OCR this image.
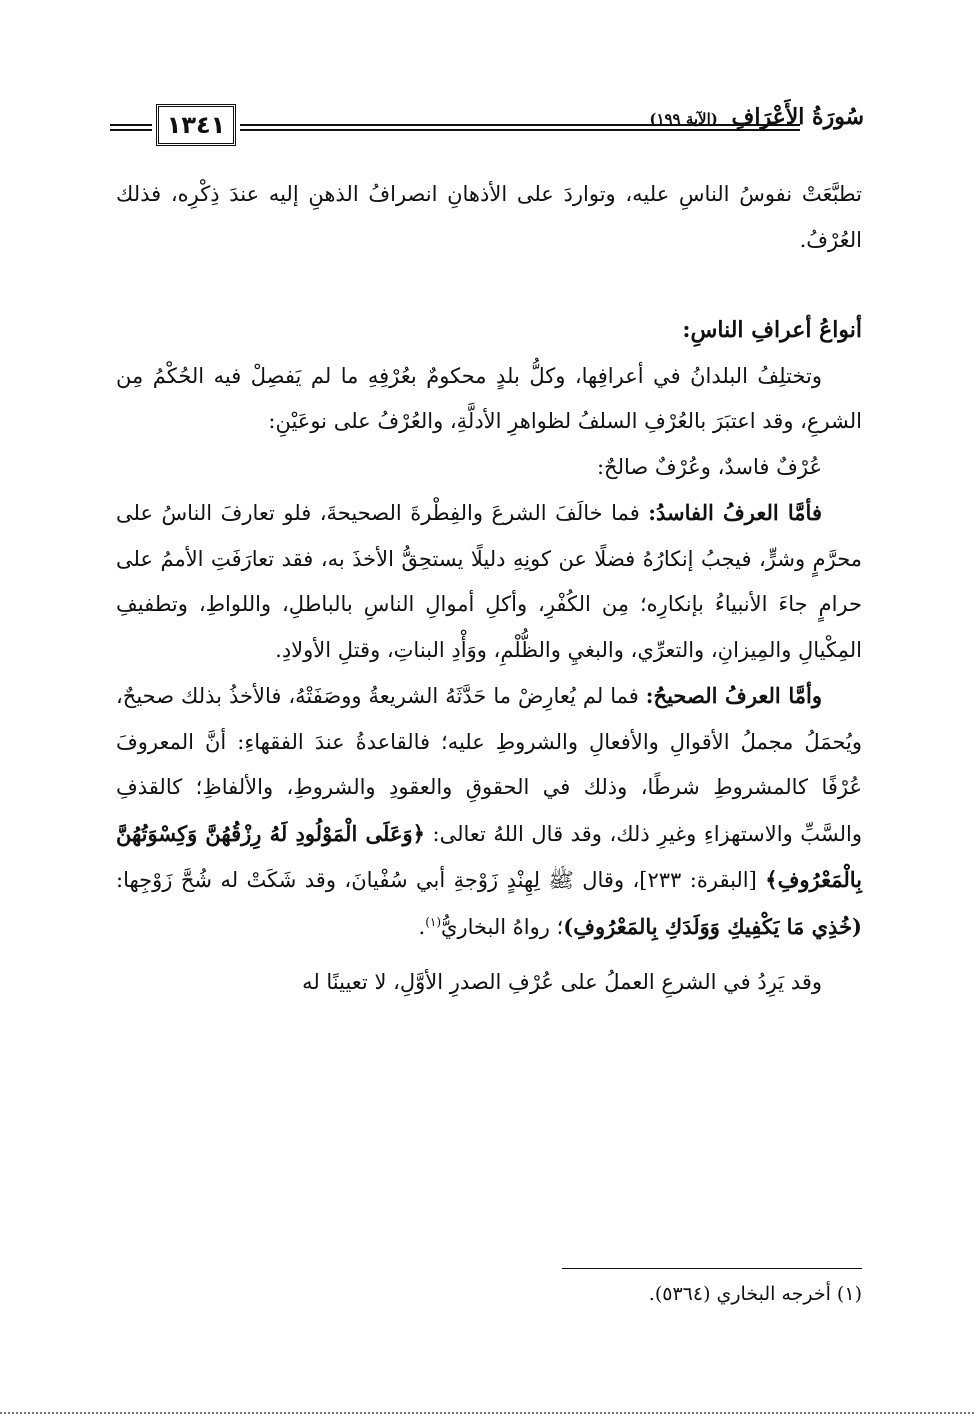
١٣٤١	سُورَةُ الأَعْرَافِ (الآية ١٩٩)

تطبَّعَتْ نفوسُ الناسِ عليه، وتواردَ على الأذهانِ انصرافُ الذهنِ إليه عندَ ذِكْرِه، فذلك العُرْفُ.

أنواعُ أعرافِ الناسِ:

وتختلِفُ البلدانُ في أعرافِها، وكلُّ بلدٍ محكومٌ بعُرْفِهِ ما لم يَفصِلْ فيه الحُكْمُ مِن الشرعِ، وقد اعتبَرَ بالعُرْفِ السلفُ لظواهرِ الأدلَّةِ، والعُرْفُ على نوعَيْنِ:

عُرْفٌ فاسدٌ، وعُرْفٌ صالحٌ:

فأمَّا العرفُ الفاسدُ: فما خالَفَ الشرعَ والفِطْرةَ الصحيحةَ، فلو تعارفَ الناسُ على محرَّمٍ وشرٍّ، فيجبُ إنكارُهُ فضلًا عن كونِهِ دليلًا يستحِقُّ الأخذَ به، فقد تعارَفَتِ الأممُ على حرامٍ جاءَ الأنبياءُ بإنكارِه؛ مِن الكُفْرِ، وأكلِ أموالِ الناسِ بالباطلِ، واللواطِ، وتطفيفِ المِكْيالِ والمِيزانِ، والتعرِّي، والبغيِ والظُّلْمِ، ووَأْدِ البناتِ، وقتلِ الأولادِ.

وأمَّا العرفُ الصحيحُ: فما لم يُعارِضْ ما حَدَّثَهُ الشريعةُ ووصَفَتْهُ، فالأخذُ بذلك صحيحٌ، ويُحمَلُ مجملُ الأقوالِ والأفعالِ والشروطِ عليه؛ فالقاعدةُ عندَ الفقهاءِ: أنَّ المعروفَ عُرْفًا كالمشروطِ شرطًا، وذلك في الحقوقِ والعقودِ والشروطِ، والألفاظِ؛ كالقذفِ والسَّبِّ والاستهزاءِ وغيرِ ذلك، وقد قال اللهُ تعالى: ﴿وَعَلَى الْمَوْلُودِ لَهُ رِزْقُهُنَّ وَكِسْوَتُهُنَّ بِالْمَعْرُوفِ﴾ [البقرة: ٢٣٣]، وقال ﷺ لِهِنْدٍ زَوْجةِ أبي سُفْيانَ، وقد شَكَتْ له شُحَّ زَوْجِها: (خُذِي مَا يَكْفِيكِ وَوَلَدَكِ بِالمَعْرُوفِ)؛ رواهُ البخاريُّ$^{(١)}$.

وقد يَرِدُ في الشرعِ العملُ على عُرْفِ الصدرِ الأوَّلِ، لا تعيينًا له

(١) أخرجه البخاري (٥٣٦٤).
